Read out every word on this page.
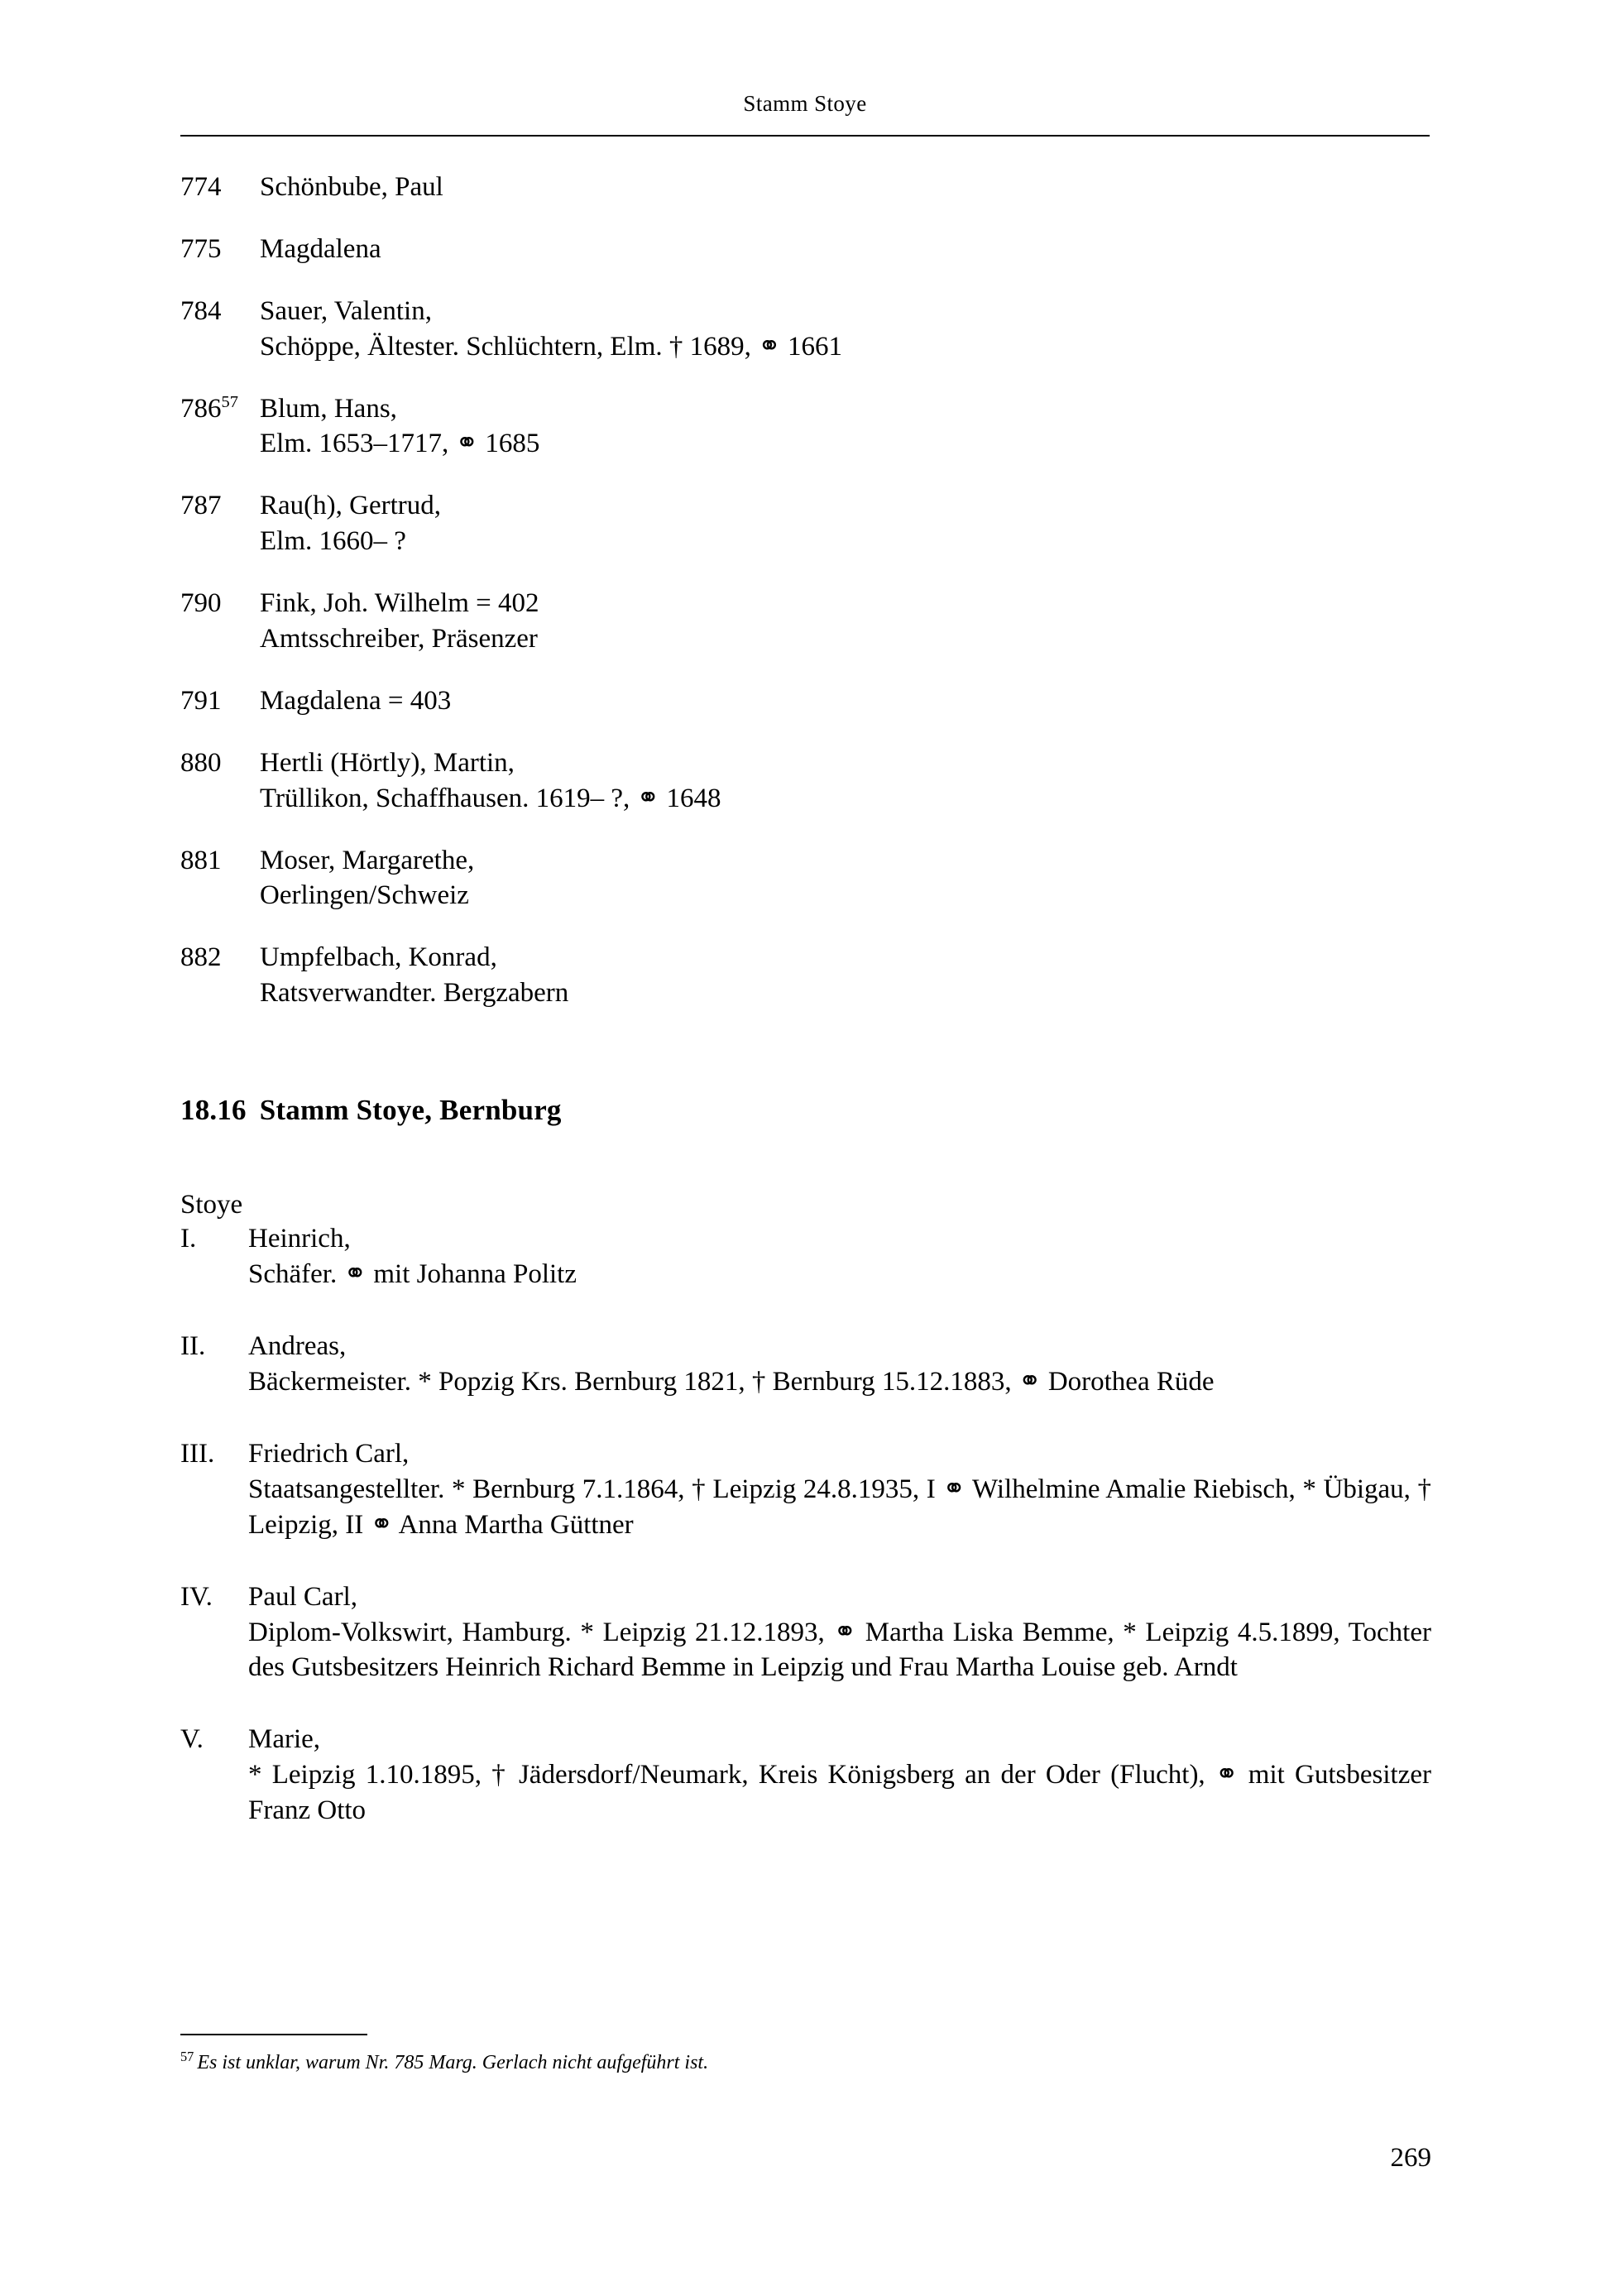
Stamm Stoye
774	Schönbube, Paul
775	Magdalena
784	Sauer, Valentin,
Schöppe, Ältester. Schlüchtern, Elm. † 1689, ⚭ 1661
786$^{57}$ Blum, Hans,
Elm. 1653–1717, ⚭ 1685
787	Rau(h), Gertrud,
Elm. 1660– ?
790	Fink, Joh. Wilhelm = 402
Amtsschreiber, Präsenzer
791	Magdalena = 403
880	Hertli (Hörtly), Martin,
Trüllikon, Schaffhausen. 1619– ?, ⚭ 1648
881	Moser, Margarethe,
Oerlingen/Schweiz
882	Umpfelbach, Konrad,
Ratsverwandter. Bergzabern
18.16 Stamm Stoye, Bernburg
Stoye
I.	Heinrich,
Schäfer. ⚭ mit Johanna Politz
II.	Andreas,
Bäckermeister. * Popzig Krs. Bernburg 1821, † Bernburg 15.12.1883, ⚭ Dorothea Rüde
III.	Friedrich Carl,
Staatsangestellter. * Bernburg 7.1.1864, † Leipzig 24.8.1935, I ⚭ Wilhelmine Amalie Riebisch, * Übigau, † Leipzig, II ⚭ Anna Martha Güttner
IV.	Paul Carl,
Diplom-Volkswirt, Hamburg. * Leipzig 21.12.1893, ⚭ Martha Liska Bemme, * Leipzig 4.5.1899, Tochter des Gutsbesitzers Heinrich Richard Bemme in Leipzig und Frau Martha Louise geb. Arndt
V.	Marie,
* Leipzig 1.10.1895, † Jädersdorf/Neumark, Kreis Königsberg an der Oder (Flucht), ⚭ mit Gutsbesitzer Franz Otto
$^{57}$ Es ist unklar, warum Nr. 785 Marg. Gerlach nicht aufgeführt ist.
269
